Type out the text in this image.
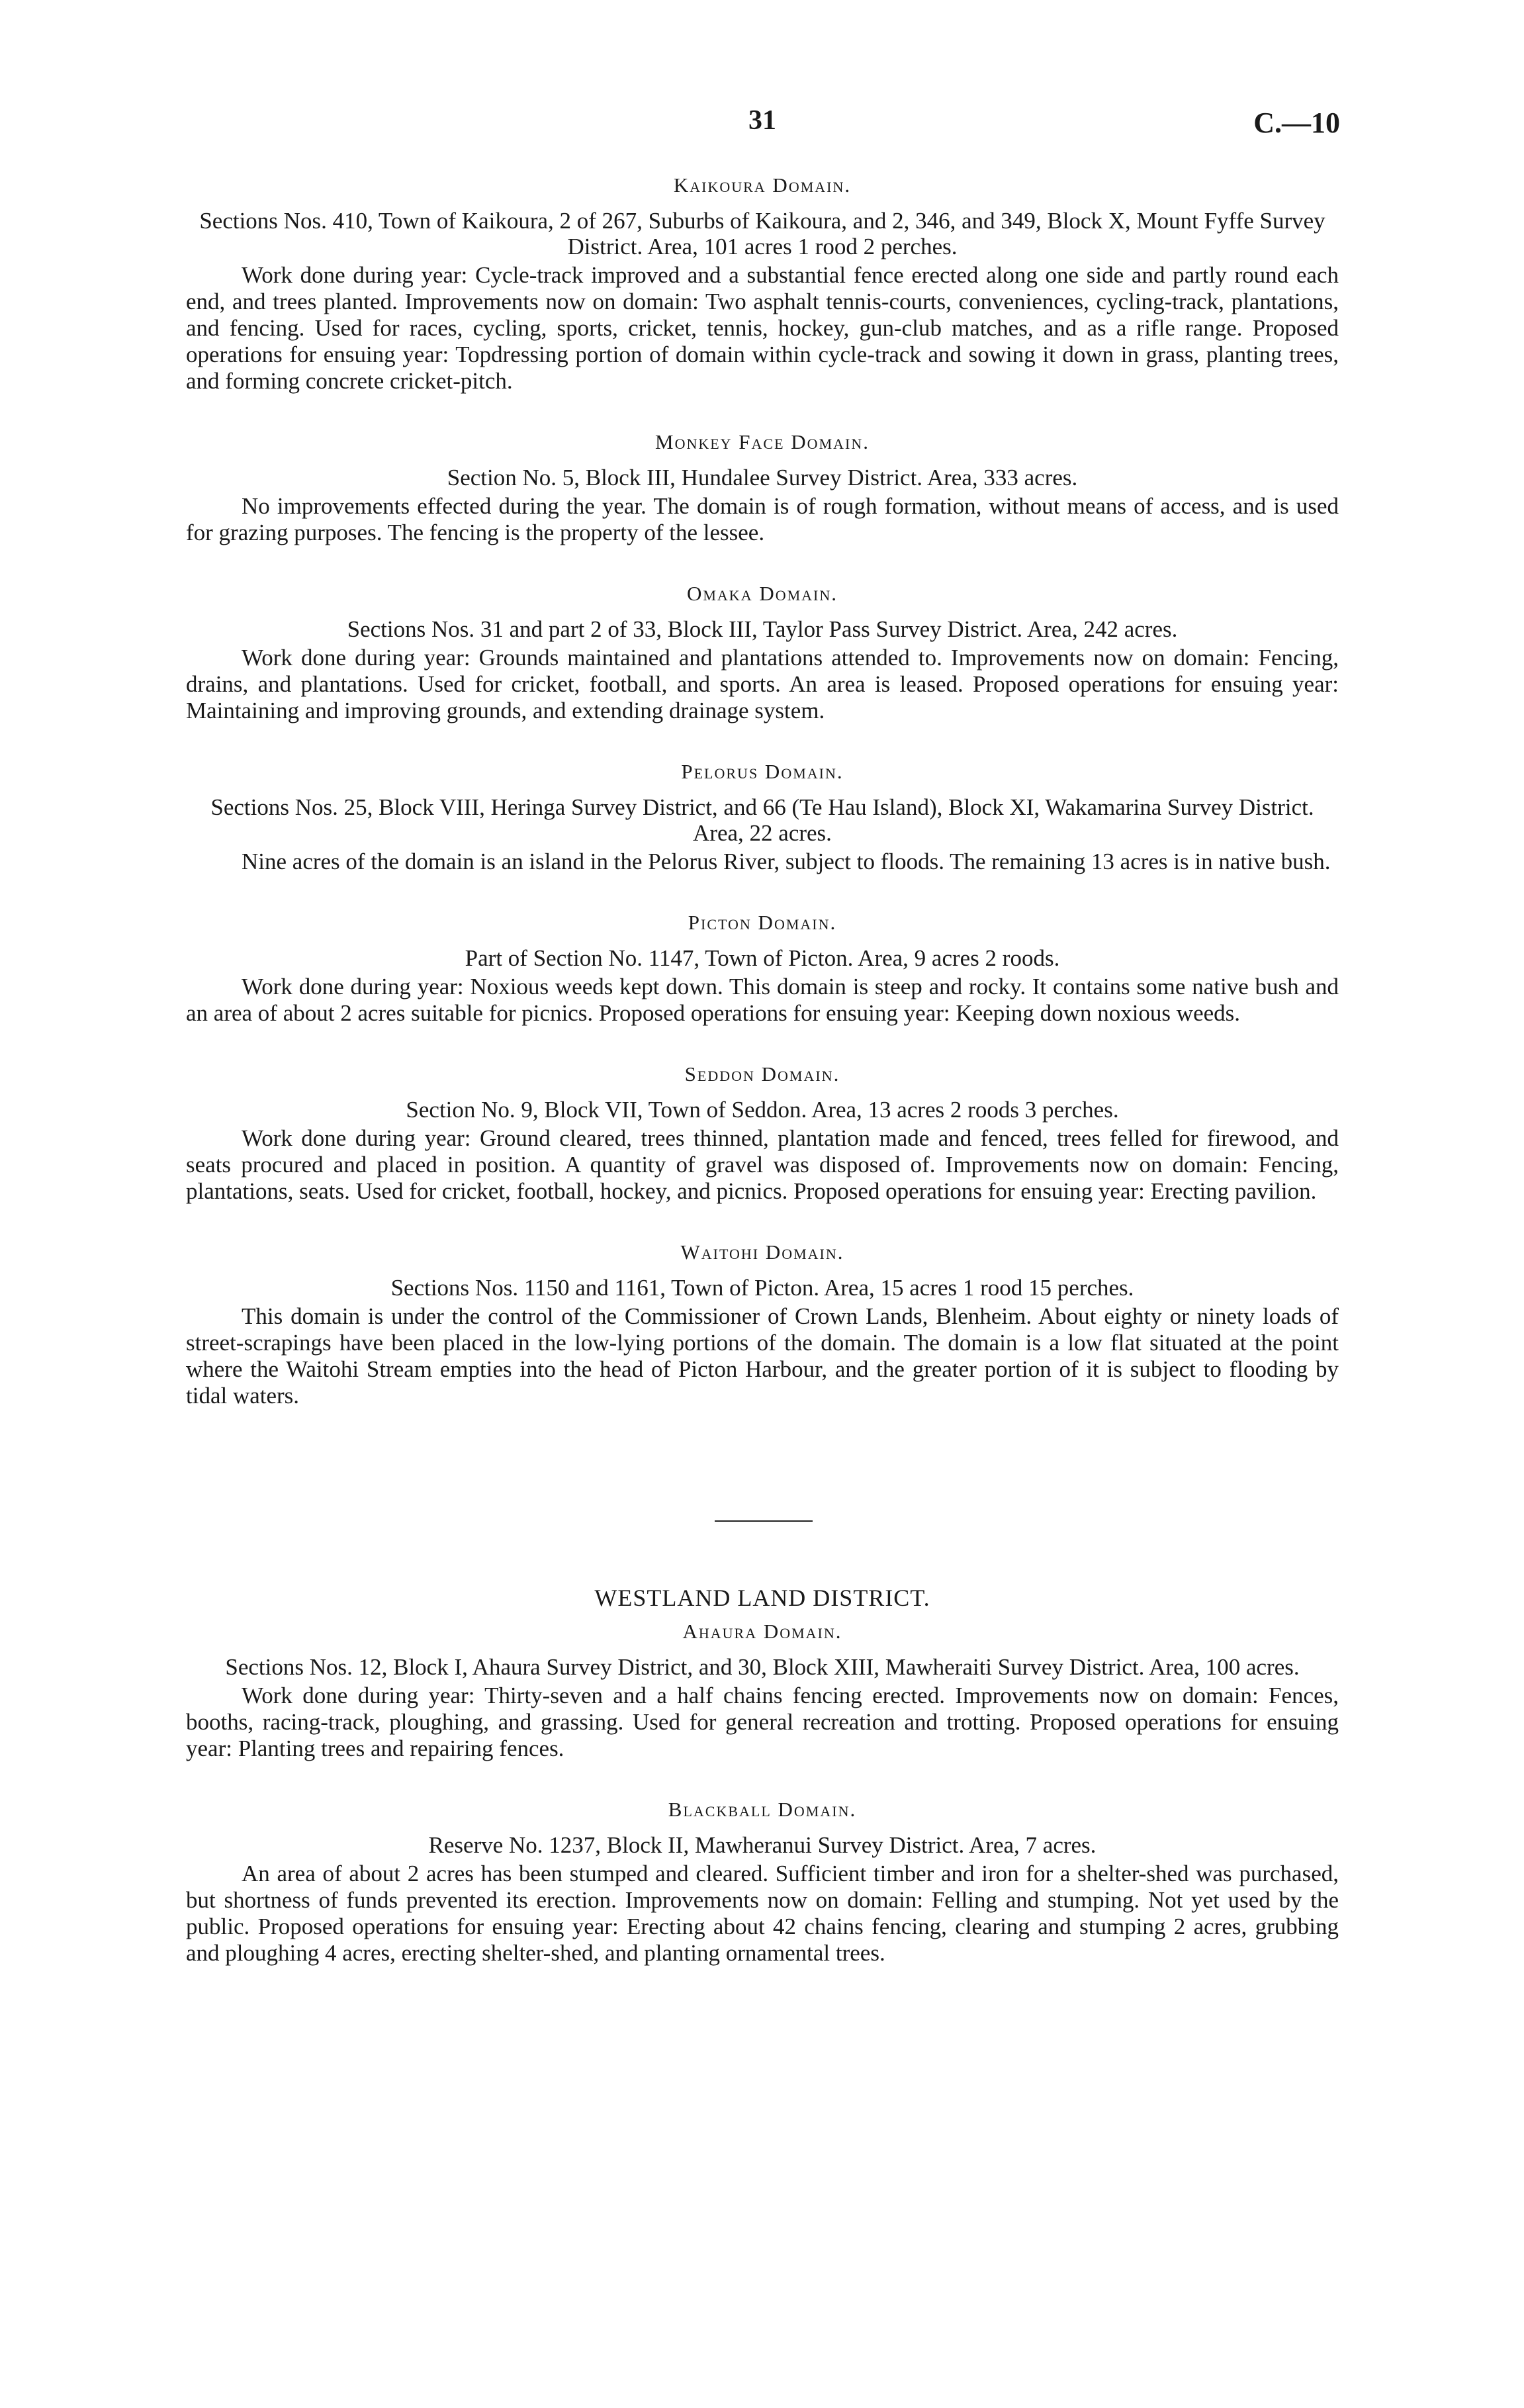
31	C.—10
Kaikoura Domain.
Sections Nos. 410, Town of Kaikoura, 2 of 267, Suburbs of Kaikoura, and 2, 346, and 349, Block X, Mount Fyffe Survey District. Area, 101 acres 1 rood 2 perches.

Work done during year: Cycle-track improved and a substantial fence erected along one side and partly round each end, and trees planted. Improvements now on domain: Two asphalt tennis-courts, conveniences, cycling-track, plantations, and fencing. Used for races, cycling, sports, cricket, tennis, hockey, gun-club matches, and as a rifle range. Proposed operations for ensuing year: Topdressing portion of domain within cycle-track and sowing it down in grass, planting trees, and forming concrete cricket-pitch.

Monkey Face Domain.
Section No. 5, Block III, Hundalee Survey District. Area, 333 acres.

No improvements effected during the year. The domain is of rough formation, without means of access, and is used for grazing purposes. The fencing is the property of the lessee.

Omaka Domain.
Sections Nos. 31 and part 2 of 33, Block III, Taylor Pass Survey District. Area, 242 acres.

Work done during year: Grounds maintained and plantations attended to. Improvements now on domain: Fencing, drains, and plantations. Used for cricket, football, and sports. An area is leased. Proposed operations for ensuing year: Maintaining and improving grounds, and extending drainage system.

Pelorus Domain.
Sections Nos. 25, Block VIII, Heringa Survey District, and 66 (Te Hau Island), Block XI, Wakamarina Survey District. Area, 22 acres.

Nine acres of the domain is an island in the Pelorus River, subject to floods. The remaining 13 acres is in native bush.

Picton Domain.
Part of Section No. 1147, Town of Picton. Area, 9 acres 2 roods.

Work done during year: Noxious weeds kept down. This domain is steep and rocky. It contains some native bush and an area of about 2 acres suitable for picnics. Proposed operations for ensuing year: Keeping down noxious weeds.

Seddon Domain.
Section No. 9, Block VII, Town of Seddon. Area, 13 acres 2 roods 3 perches.

Work done during year: Ground cleared, trees thinned, plantation made and fenced, trees felled for firewood, and seats procured and placed in position. A quantity of gravel was disposed of. Improvements now on domain: Fencing, plantations, seats. Used for cricket, football, hockey, and picnics. Proposed operations for ensuing year: Erecting pavilion.

Waitohi Domain.
Sections Nos. 1150 and 1161, Town of Picton. Area, 15 acres 1 rood 15 perches.

This domain is under the control of the Commissioner of Crown Lands, Blenheim. About eighty or ninety loads of street-scrapings have been placed in the low-lying portions of the domain. The domain is a low flat situated at the point where the Waitohi Stream empties into the head of Picton Harbour, and the greater portion of it is subject to flooding by tidal waters.

WESTLAND LAND DISTRICT.
Ahaura Domain.
Sections Nos. 12, Block I, Ahaura Survey District, and 30, Block XIII, Mawheraiti Survey District. Area, 100 acres.

Work done during year: Thirty-seven and a half chains fencing erected. Improvements now on domain: Fences, booths, racing-track, ploughing, and grassing. Used for general recreation and trotting. Proposed operations for ensuing year: Planting trees and repairing fences.

Blackball Domain.
Reserve No. 1237, Block II, Mawheranui Survey District. Area, 7 acres.

An area of about 2 acres has been stumped and cleared. Sufficient timber and iron for a shelter-shed was purchased, but shortness of funds prevented its erection. Improvements now on domain: Felling and stumping. Not yet used by the public. Proposed operations for ensuing year: Erecting about 42 chains fencing, clearing and stumping 2 acres, grubbing and ploughing 4 acres, erecting shelter-shed, and planting ornamental trees.
